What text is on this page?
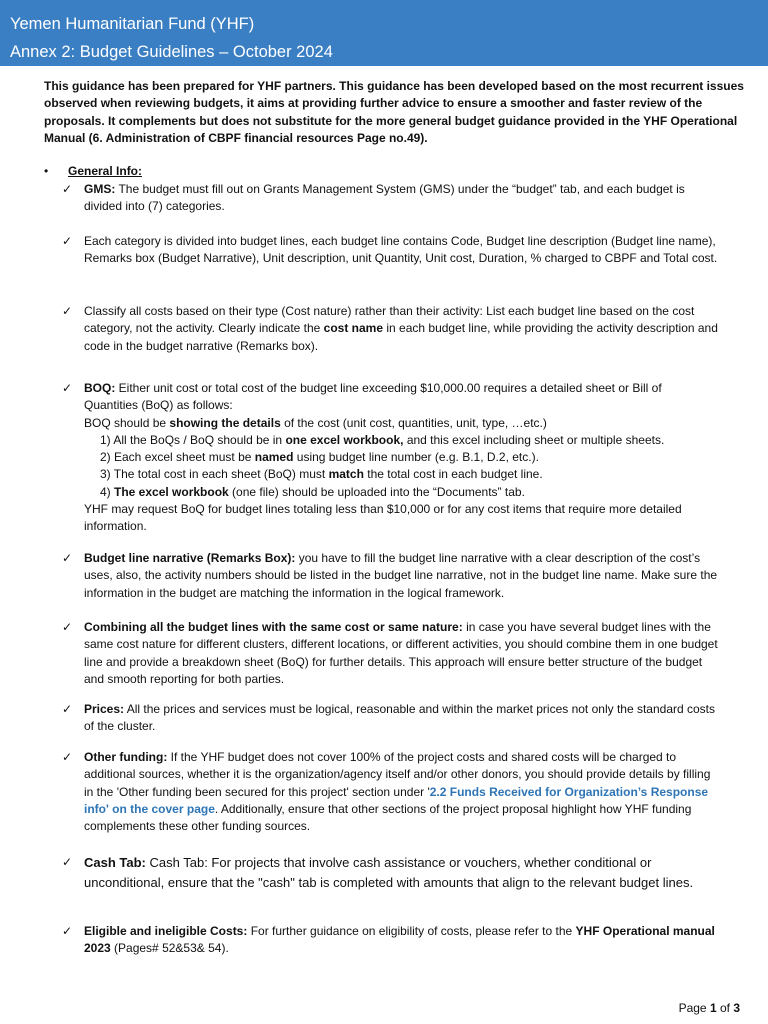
Yemen Humanitarian Fund (YHF)
Annex 2: Budget Guidelines – October 2024
This guidance has been prepared for YHF partners. This guidance has been developed based on the most recurrent issues observed when reviewing budgets, it aims at providing further advice to ensure a smoother and faster review of the proposals. It complements but does not substitute for the more general budget guidance provided in the YHF Operational Manual (6. Administration of CBPF financial resources Page no.49).
• General Info:
✓ GMS: The budget must fill out on Grants Management System (GMS) under the “budget” tab, and each budget is divided into (7) categories.
✓ Each category is divided into budget lines, each budget line contains Code, Budget line description (Budget line name), Remarks box (Budget Narrative), Unit description, unit Quantity, Unit cost, Duration, % charged to CBPF and Total cost.
✓ Classify all costs based on their type (Cost nature) rather than their activity: List each budget line based on the cost category, not the activity. Clearly indicate the cost name in each budget line, while providing the activity description and code in the budget narrative (Remarks box).
✓ BOQ: Either unit cost or total cost of the budget line exceeding $10,000.00 requires a detailed sheet or Bill of Quantities (BoQ) as follows:
BOQ should be showing the details of the cost (unit cost, quantities, unit, type, …etc.)
1) All the BoQs / BoQ should be in one excel workbook, and this excel including sheet or multiple sheets.
2) Each excel sheet must be named using budget line number (e.g. B.1, D.2, etc.).
3) The total cost in each sheet (BoQ) must match the total cost in each budget line.
4) The excel workbook (one file) should be uploaded into the “Documents” tab.
YHF may request BoQ for budget lines totaling less than $10,000 or for any cost items that require more detailed information.
✓ Budget line narrative (Remarks Box): you have to fill the budget line narrative with a clear description of the cost’s uses, also, the activity numbers should be listed in the budget line narrative, not in the budget line name. Make sure the information in the budget are matching the information in the logical framework.
✓ Combining all the budget lines with the same cost or same nature: in case you have several budget lines with the same cost nature for different clusters, different locations, or different activities, you should combine them in one budget line and provide a breakdown sheet (BoQ) for further details. This approach will ensure better structure of the budget and smooth reporting for both parties.
✓ Prices: All the prices and services must be logical, reasonable and within the market prices not only the standard costs of the cluster.
✓ Other funding: If the YHF budget does not cover 100% of the project costs and shared costs will be charged to additional sources, whether it is the organization/agency itself and/or other donors, you should provide details by filling in the 'Other funding been secured for this project' section under '2.2 Funds Received for Organization’s Response info' on the cover page. Additionally, ensure that other sections of the project proposal highlight how YHF funding complements these other funding sources.
✓ Cash Tab: Cash Tab: For projects that involve cash assistance or vouchers, whether conditional or unconditional, ensure that the "cash" tab is completed with amounts that align to the relevant budget lines.
✓ Eligible and ineligible Costs: For further guidance on eligibility of costs, please refer to the YHF Operational manual 2023 (Pages# 52&53& 54).
Page 1 of 3
